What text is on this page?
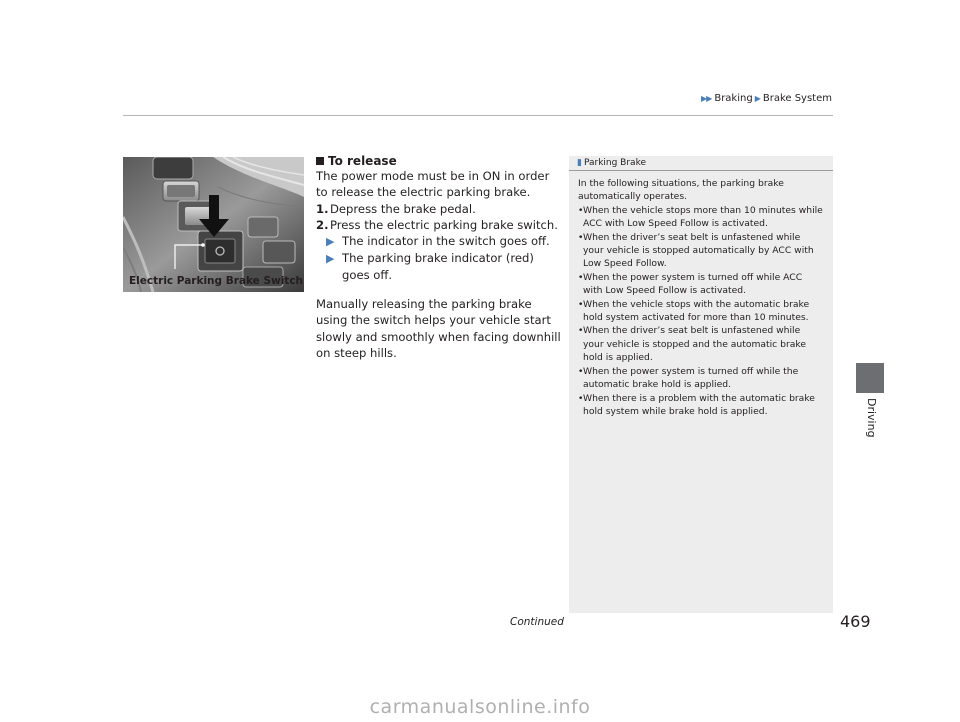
▶ ▶ Braking ▶ Brake System
Driving
Electric Parking Brake Switch
To release

The power mode must be in ON in order to release the electric parking brake.

1. Depress the brake pedal.
2. Press the electric parking brake switch.
▶ The indicator in the switch goes off.
▶ The parking brake indicator (red) goes off.

Manually releasing the parking brake using the switch helps your vehicle start slowly and smoothly when facing downhill on steep hills.

▮ Parking Brake

In the following situations, the parking brake automatically operates.

• When the vehicle stops more than 10 minutes while ACC with Low Speed Follow is activated.
• When the driver’s seat belt is unfastened while your vehicle is stopped automatically by ACC with Low Speed Follow.
• When the power system is turned off while ACC with Low Speed Follow is activated.
• When the vehicle stops with the automatic brake hold system activated for more than 10 minutes.
• When the driver’s seat belt is unfastened while your vehicle is stopped and the automatic brake hold is applied.
• When the power system is turned off while the automatic brake hold is applied.
• When there is a problem with the automatic brake hold system while brake hold is applied.
Continued	469
carmanualsonline.info
